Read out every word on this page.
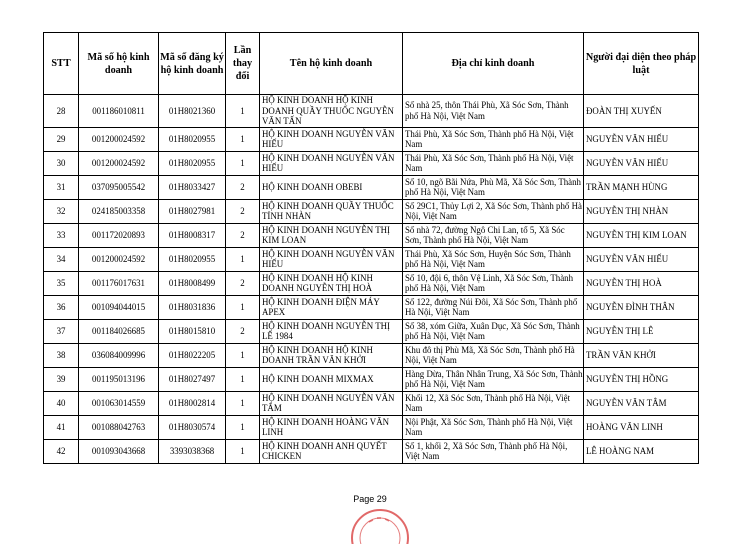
STT	Mã số hộ kinh doanh	Mã số đăng ký hộ kinh doanh	Lần thay đổi	Tên hộ kinh doanh	Địa chỉ kinh doanh	Người đại diện theo pháp luật
28	001186010811	01H8021360	1	HỘ KINH DOANH HỘ KINH DOANH QUẦY THUỐC NGUYỄN VĂN TẤN	Số nhà 25, thôn Thái Phù, Xã Sóc Sơn, Thành phố Hà Nội, Việt Nam	ĐOÀN THỊ XUYẾN
29	001200024592	01H8020955	1	HỘ KINH DOANH NGUYỄN VĂN HIẾU	Thái Phù, Xã Sóc Sơn, Thành phố Hà Nội, Việt Nam	NGUYỄN VĂN HIẾU
30	001200024592	01H8020955	1	HỘ KINH DOANH NGUYỄN VĂN HIẾU	Thái Phù, Xã Sóc Sơn, Thành phố Hà Nội, Việt Nam	NGUYỄN VĂN HIẾU
31	037095005542	01H8033427	2	HỘ KINH DOANH OBEBI	Số 10, ngõ Bãi Nứa, Phù Mã, Xã Sóc Sơn, Thành phố Hà Nội, Việt Nam	TRẦN MẠNH HÙNG
32	024185003358	01H8027981	2	HỘ KINH DOANH QUẦY THUỐC TỈNH NHÀN	Số 29C1, Thủy Lợi 2, Xã Sóc Sơn, Thành phố Hà Nội, Việt Nam	NGUYỄN THỊ NHÀN
33	001172020893	01H8008317	2	HỘ KINH DOANH NGUYỄN THỊ KIM LOAN	Số nhà 72, đường Ngô Chi Lan, tổ 5, Xã Sóc Sơn, Thành phố Hà Nội, Việt Nam	NGUYỄN THỊ KIM LOAN
34	001200024592	01H8020955	1	HỘ KINH DOANH NGUYỄN VĂN HIẾU	Thái Phù, Xã Sóc Sơn, Huyện Sóc Sơn, Thành phố Hà Nội, Việt Nam	NGUYỄN VĂN HIẾU
35	001176017631	01H8008499	2	HỘ KINH DOANH HỘ KINH DOANH NGUYỄN THỊ HOÀ	Số 10, đội 6, thôn Vệ Linh, Xã Sóc Sơn, Thành phố Hà Nội, Việt Nam	NGUYỄN THỊ HOÀ
36	001094044015	01H8031836	1	HỘ KINH DOANH ĐIỆN MÁY APEX	Số 122, đường Núi Đôi, Xã Sóc Sơn, Thành phố Hà Nội, Việt Nam	NGUYỄN ĐÌNH THÂN
37	001184026685	01H8015810	2	HỘ KINH DOANH NGUYỄN THỊ LÊ 1984	Số 38, xóm Giữa, Xuân Dục, Xã Sóc Sơn, Thành phố Hà Nội, Việt Nam	NGUYỄN THỊ LÊ
38	036084009996	01H8022205	1	HỘ KINH DOANH HỘ KINH DOANH TRẦN VĂN KHỞI	Khu đô thị Phù Mã, Xã Sóc Sơn, Thành phố Hà Nội, Việt Nam	TRẦN VĂN KHỞI
39	001195013196	01H8027497	1	HỘ KINH DOANH MIXMAX	Hàng Dừa, Thân Nhân Trung, Xã Sóc Sơn, Thành phố Hà Nội, Việt Nam	NGUYỄN THỊ HỒNG
40	001063014559	01H8002814	1	HỘ KINH DOANH NGUYỄN VĂN TÂM	Khối 12, Xã Sóc Sơn, Thành phố Hà Nội, Việt Nam	NGUYỄN VĂN TÂM
41	001088042763	01H8030574	1	HỘ KINH DOANH HOÀNG VĂN LINH	Nội Phật, Xã Sóc Sơn, Thành phố Hà Nội, Việt Nam	HOÀNG VĂN LINH
42	001093043668	3393038368	1	HỘ KINH DOANH ANH QUYẾT CHICKEN	Số 1, khối 2, Xã Sóc Sơn, Thành phố Hà Nội, Việt Nam	LÊ HOÀNG NAM
Page 29
